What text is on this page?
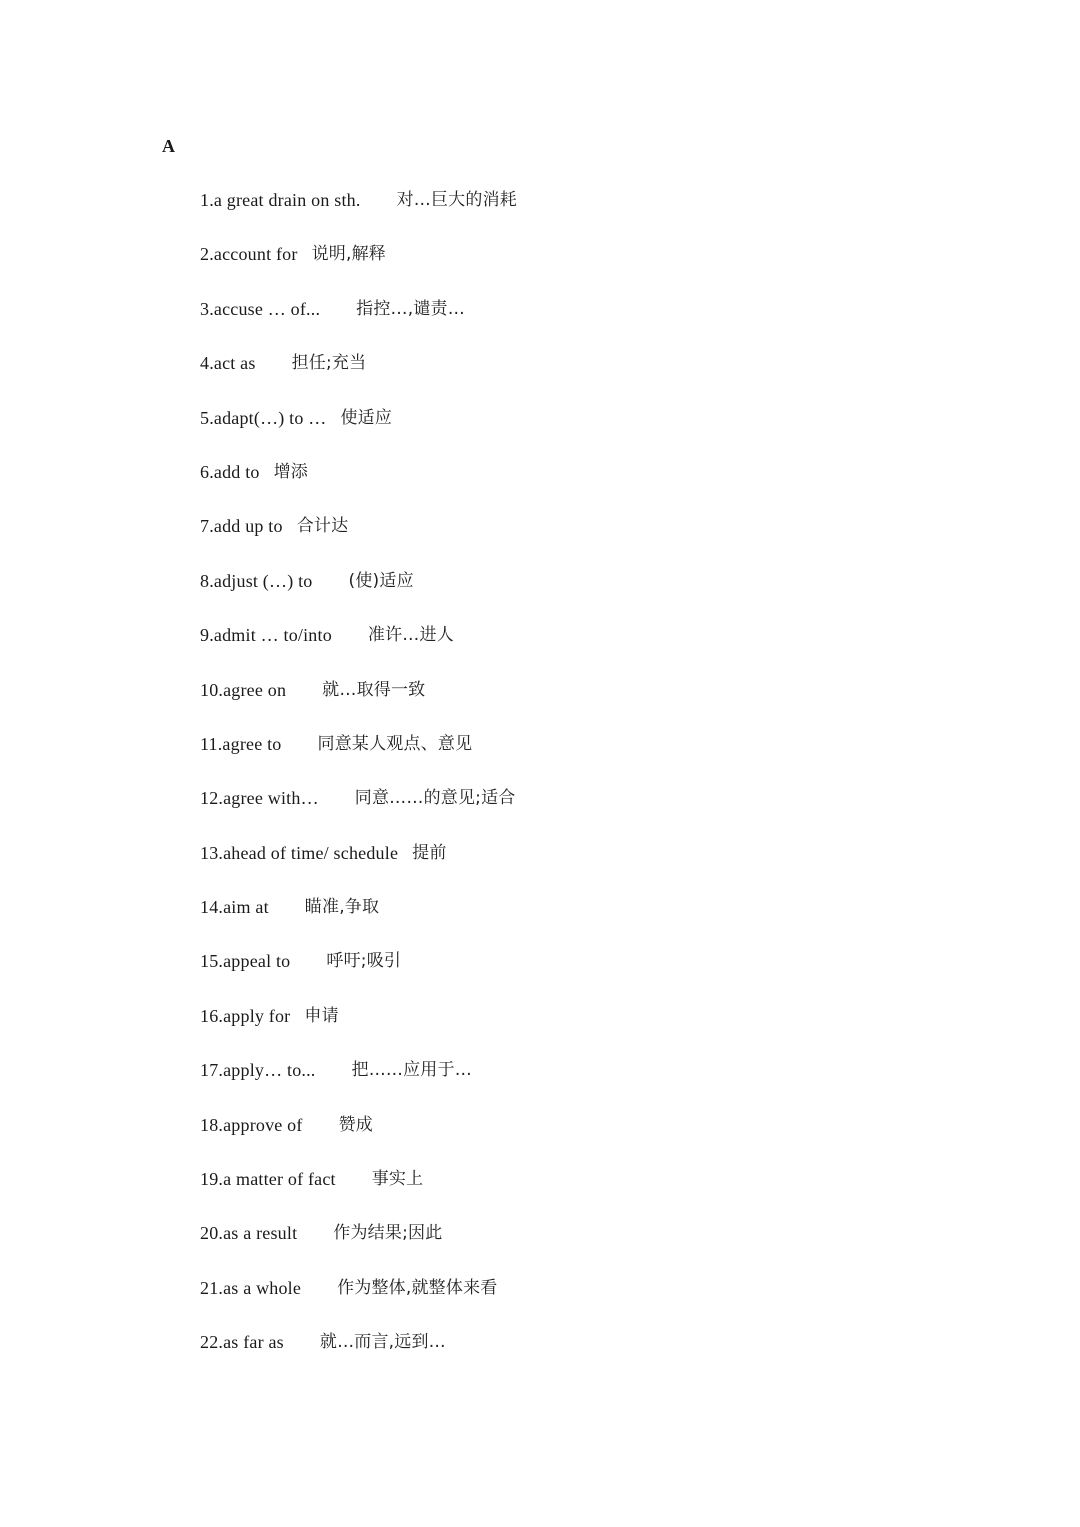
A
1.a great drain on sth. 对…巨大的消耗
2.account for 说明,解释
3.accuse … of... 指控…,谴责…
4.act as 担任;充当
5.adapt(…) to … 使适应
6.add to 增添
7.add up to 合计达
8.adjust (…) to (使)适应
9.admit … to/into 准许…进人
10.agree on 就…取得一致
11.agree to 同意某人观点、意见
12.agree with… 同意……的意见;适合
13.ahead of time/ schedule 提前
14.aim at 瞄准,争取
15.appeal to 呼吁;吸引
16.apply for 申请
17.apply… to... 把……应用于…
18.approve of 赞成
19.a matter of fact 事实上
20.as a result 作为结果;因此
21.as a whole 作为整体,就整体来看
22.as far as 就…而言,远到…
